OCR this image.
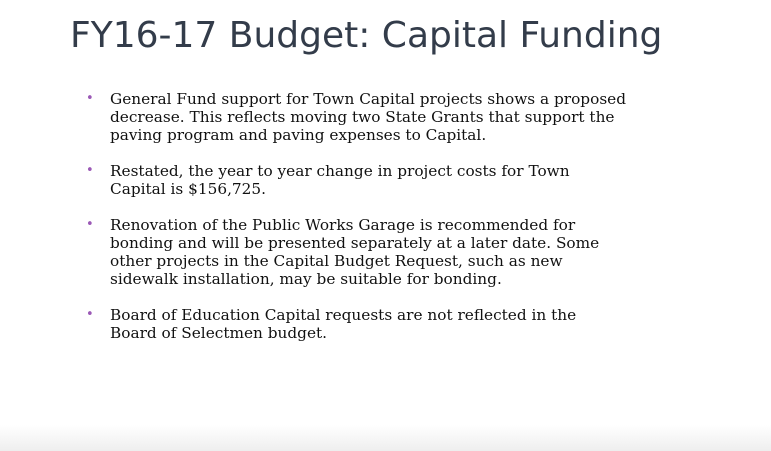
FY16-17 Budget: Capital Funding
• General Fund support for Town Capital projects shows a proposed decrease. This reflects moving two State Grants that support the paving program and paving expenses to Capital.
• Restated, the year to year change in project costs for Town Capital is $156,725.
• Renovation of the Public Works Garage is recommended for bonding and will be presented separately at a later date. Some other projects in the Capital Budget Request, such as new sidewalk installation, may be suitable for bonding.
• Board of Education Capital requests are not reflected in the Board of Selectmen budget.
